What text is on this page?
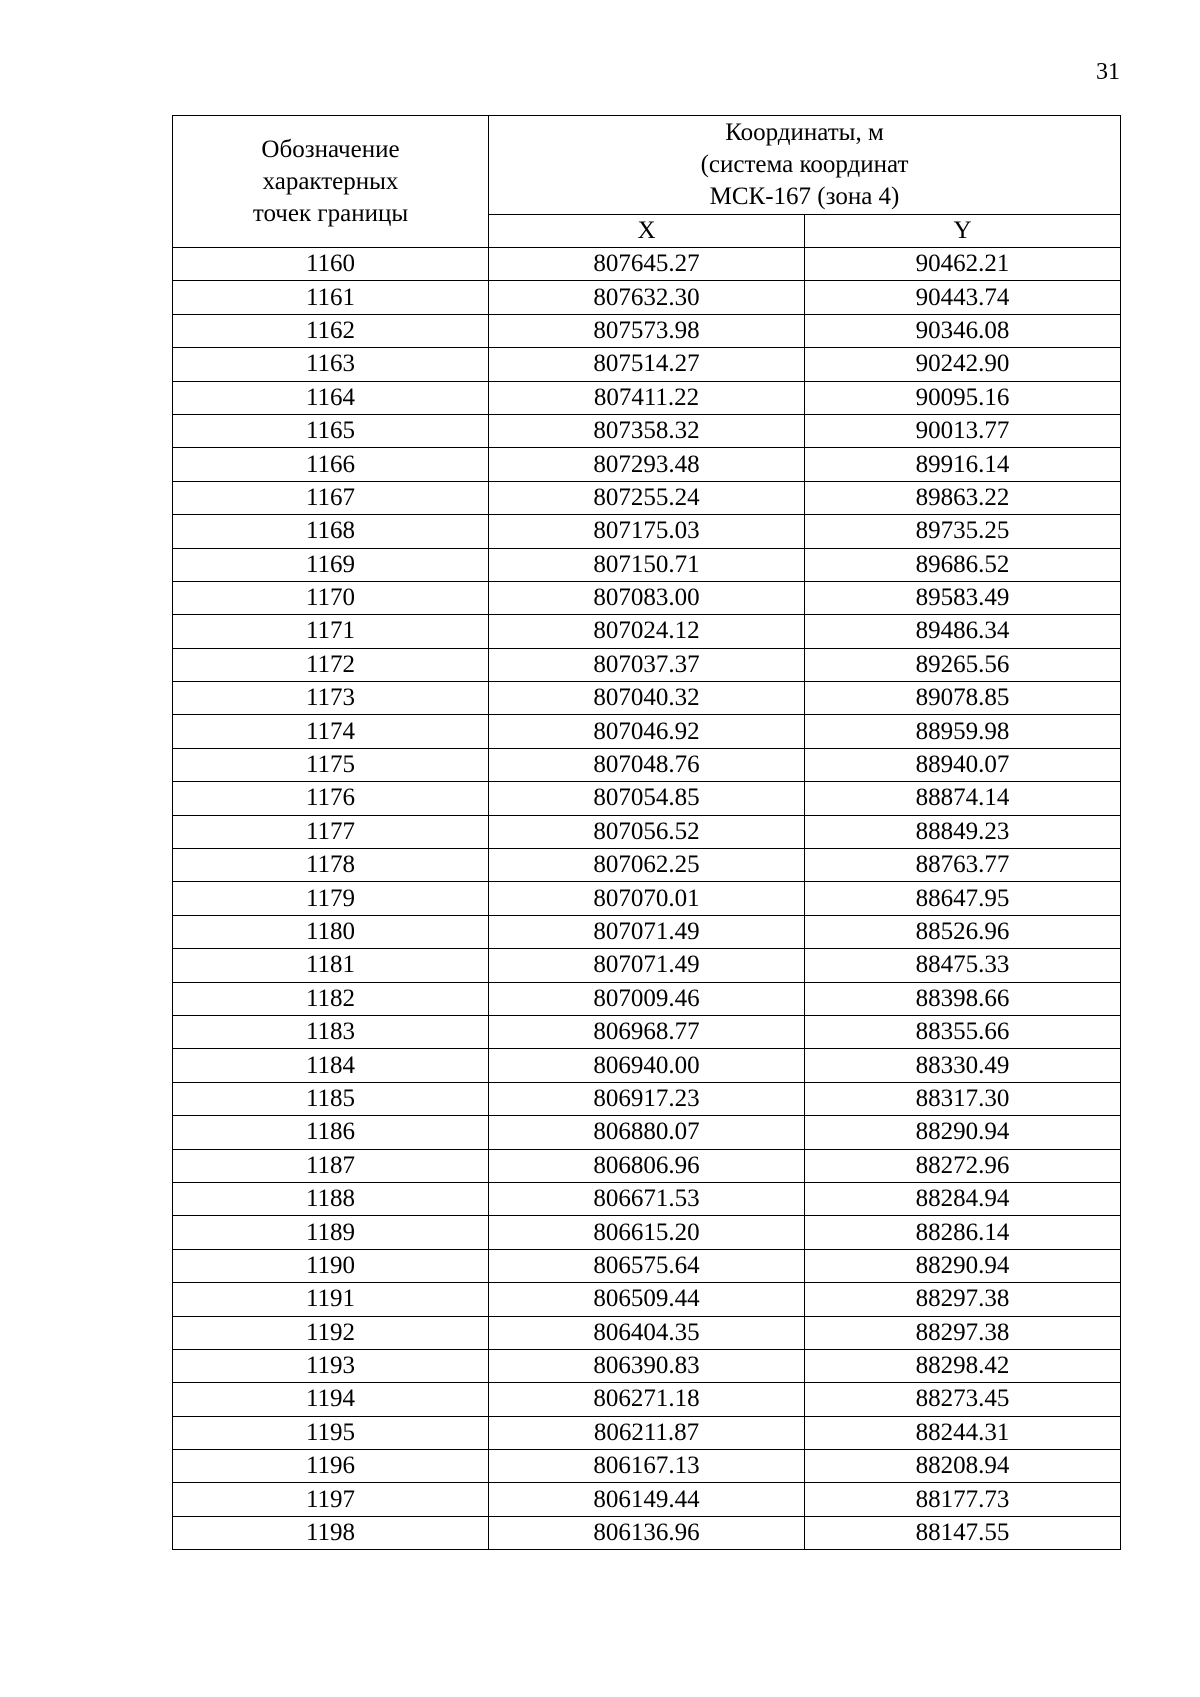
31
Обозначение
характерных
точек границы	Координаты, м
(система координат
МСК-167 (зона 4)	

	X	Y
1160	807645.27	90462.21
1161	807632.30	90443.74
1162	807573.98	90346.08
1163	807514.27	90242.90
1164	807411.22	90095.16
1165	807358.32	90013.77
1166	807293.48	89916.14
1167	807255.24	89863.22
1168	807175.03	89735.25
1169	807150.71	89686.52
1170	807083.00	89583.49
1171	807024.12	89486.34
1172	807037.37	89265.56
1173	807040.32	89078.85
1174	807046.92	88959.98
1175	807048.76	88940.07
1176	807054.85	88874.14
1177	807056.52	88849.23
1178	807062.25	88763.77
1179	807070.01	88647.95
1180	807071.49	88526.96
1181	807071.49	88475.33
1182	807009.46	88398.66
1183	806968.77	88355.66
1184	806940.00	88330.49
1185	806917.23	88317.30
1186	806880.07	88290.94
1187	806806.96	88272.96
1188	806671.53	88284.94
1189	806615.20	88286.14
1190	806575.64	88290.94
1191	806509.44	88297.38
1192	806404.35	88297.38
1193	806390.83	88298.42
1194	806271.18	88273.45
1195	806211.87	88244.31
1196	806167.13	88208.94
1197	806149.44	88177.73
1198	806136.96	88147.55
